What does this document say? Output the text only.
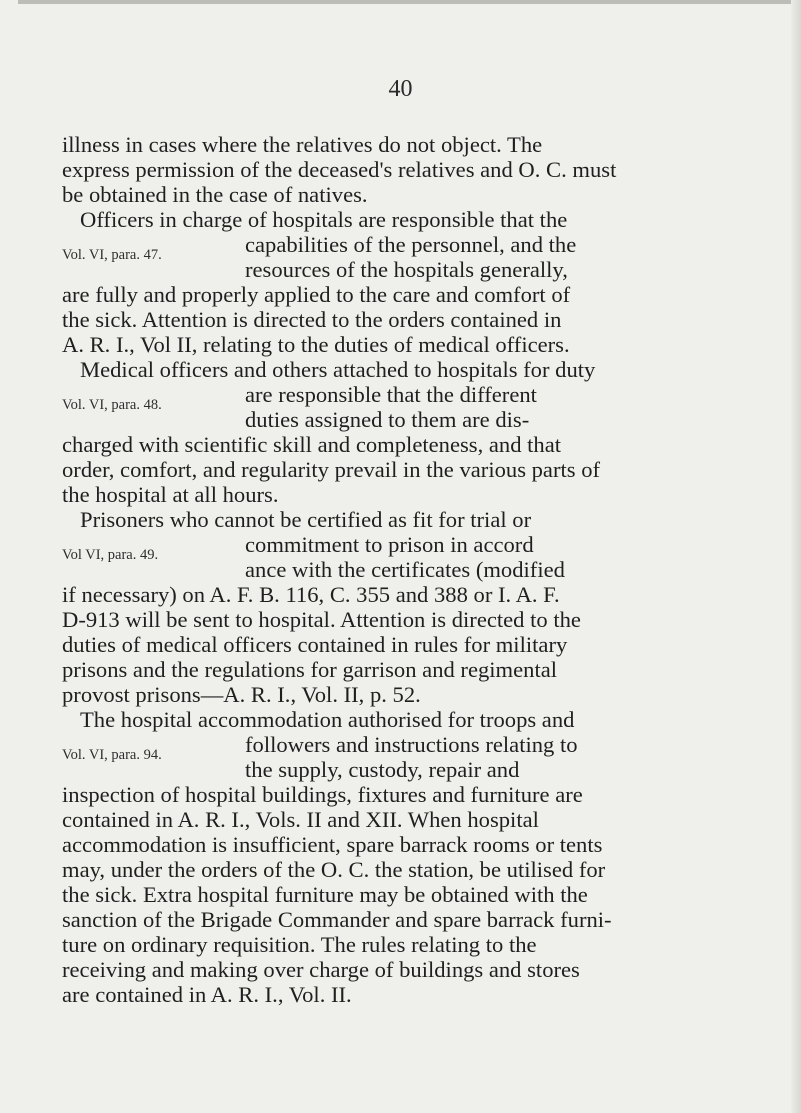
40

illness in cases where the relatives do not object. The
express permission of the deceased's relatives and O. C. must
be obtained in the case of natives.

Officers in charge of hospitals are responsible that the
Vol. VI, para. 47.	capabilities of the personnel, and the
resources of the hospitals generally,
are fully and properly applied to the care and comfort of
the sick. Attention is directed to the orders contained in
A. R. I., Vol II, relating to the duties of medical officers.

Medical officers and others attached to hospitals for duty
Vol. VI, para. 48.	are responsible that the different
duties assigned to them are dis-
charged with scientific skill and completeness, and that
order, comfort, and regularity prevail in the various parts of
the hospital at all hours.

Prisoners who cannot be certified as fit for trial or
Vol VI, para. 49.	commitment to prison in accord
ance with the certificates (modified
if necessary) on A. F. B. 116, C. 355 and 388 or I. A. F.
D-913 will be sent to hospital. Attention is directed to the
duties of medical officers contained in rules for military
prisons and the regulations for garrison and regimental
provost prisons—A. R. I., Vol. II, p. 52.

The hospital accommodation authorised for troops and
Vol. VI, para. 94.	followers and instructions relating to
the supply, custody, repair and
inspection of hospital buildings, fixtures and furniture are
contained in A. R. I., Vols. II and XII. When hospital
accommodation is insufficient, spare barrack rooms or tents
may, under the orders of the O. C. the station, be utilised for
the sick. Extra hospital furniture may be obtained with the
sanction of the Brigade Commander and spare barrack furni-
ture on ordinary requisition. The rules relating to the
receiving and making over charge of buildings and stores
are contained in A. R. I., Vol. II.
